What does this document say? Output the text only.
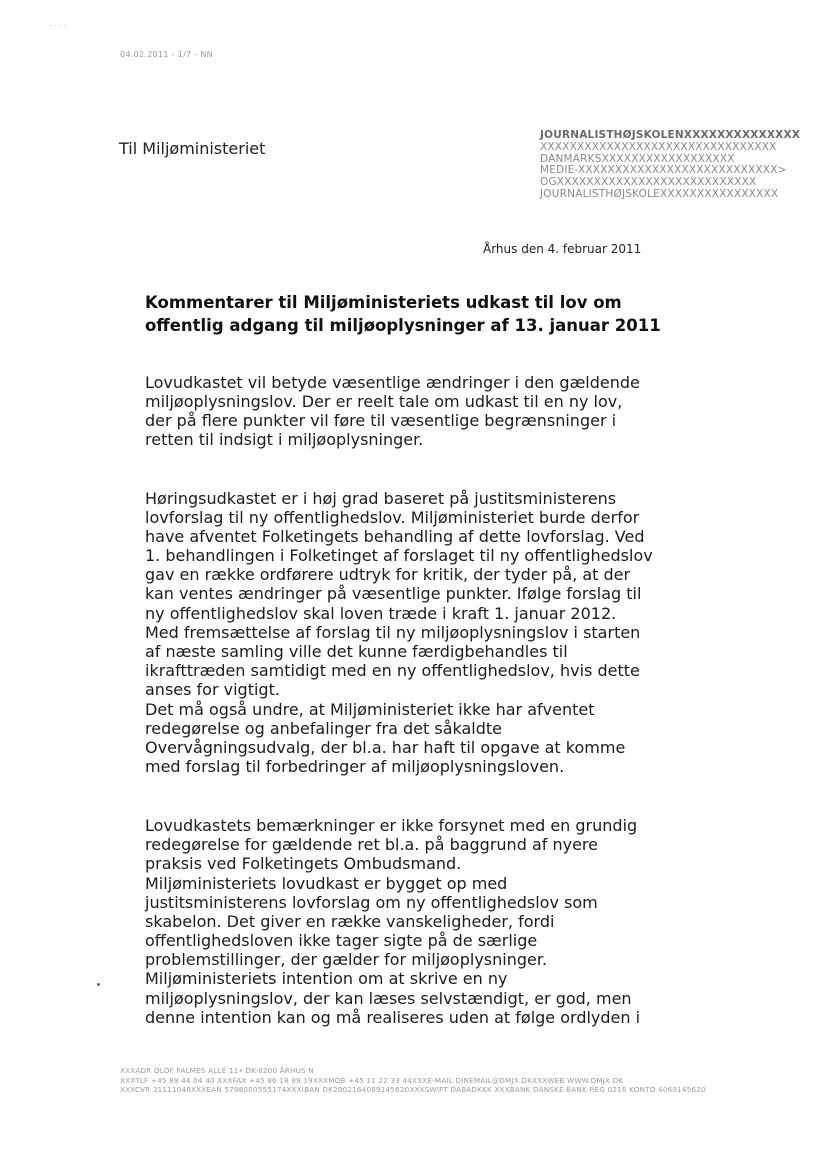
· · · ·
04.02.2011 - 1/7 - NN
Til Miljøministeriet
JOURNALISTHØJSKOLENXXXXXXXXXXXXXX
XXXXXXXXXXXXXXXXXXXXXXXXXXXXXXXX
DANMARKSXXXXXXXXXXXXXXXXXX
MEDIE-XXXXXXXXXXXXXXXXXXXXXXXXXXX>
OGXXXXXXXXXXXXXXXXXXXXXXXXXXX
JOURNALISTHØJSKOLEXXXXXXXXXXXXXXXX
Århus den 4. februar 2011
Kommentarer til Miljøministeriets udkast til lov om
offentlig adgang til miljøoplysninger af 13. januar 2011
Lovudkastet vil betyde væsentlige ændringer i den gældende
miljøoplysningslov. Der er reelt tale om udkast til en ny lov,
der på flere punkter vil føre til væsentlige begrænsninger i
retten til indsigt i miljøoplysninger.
Høringsudkastet er i høj grad baseret på justitsministerens
lovforslag til ny offentlighedslov. Miljøministeriet burde derfor
have afventet Folketingets behandling af dette lovforslag. Ved
1. behandlingen i Folketinget af forslaget til ny offentlighedslov
gav en række ordførere udtryk for kritik, der tyder på, at der
kan ventes ændringer på væsentlige punkter. Ifølge forslag til
ny offentlighedslov skal loven træde i kraft 1. januar 2012.
Med fremsættelse af forslag til ny miljøoplysningslov i starten
af næste samling ville det kunne færdigbehandles til
ikrafttræden samtidigt med en ny offentlighedslov, hvis dette
anses for vigtigt.
Det må også undre, at Miljøministeriet ikke har afventet
redegørelse og anbefalinger fra det såkaldte
Overvågningsudvalg, der bl.a. har haft til opgave at komme
med forslag til forbedringer af miljøoplysningsloven.
Lovudkastets bemærkninger er ikke forsynet med en grundig
redegørelse for gældende ret bl.a. på baggrund af nyere
praksis ved Folketingets Ombudsmand.
Miljøministeriets lovudkast er bygget op med
justitsministerens lovforslag om ny offentlighedslov som
skabelon. Det giver en række vanskeligheder, fordi
offentlighedsloven ikke tager sigte på de særlige
problemstillinger, der gælder for miljøoplysninger.
Miljøministeriets intention om at skrive en ny
miljøoplysningslov, der kan læses selvstændigt, er god, men
denne intention kan og må realiseres uden at følge ordlyden i
XXXADR OLOF PALMES ALLÉ 11• DK-8200 ÅRHUS N
XXXTLF +45 89 44 04 40 XXXFAX +45 86 18 89 19XXXMOB +45 11 22 33 44XXXE-MAIL DINEMAIL@DMJX.DKXXXWEB WWW.DMJX.DK
XXXCVR 31111048XXXEAN 5798000555174XXXIBAN DK2902164069145620XXXSWIFT DABADKKK XXXBANK DANSKE BANK REG 0216 KONTO 4069145620
